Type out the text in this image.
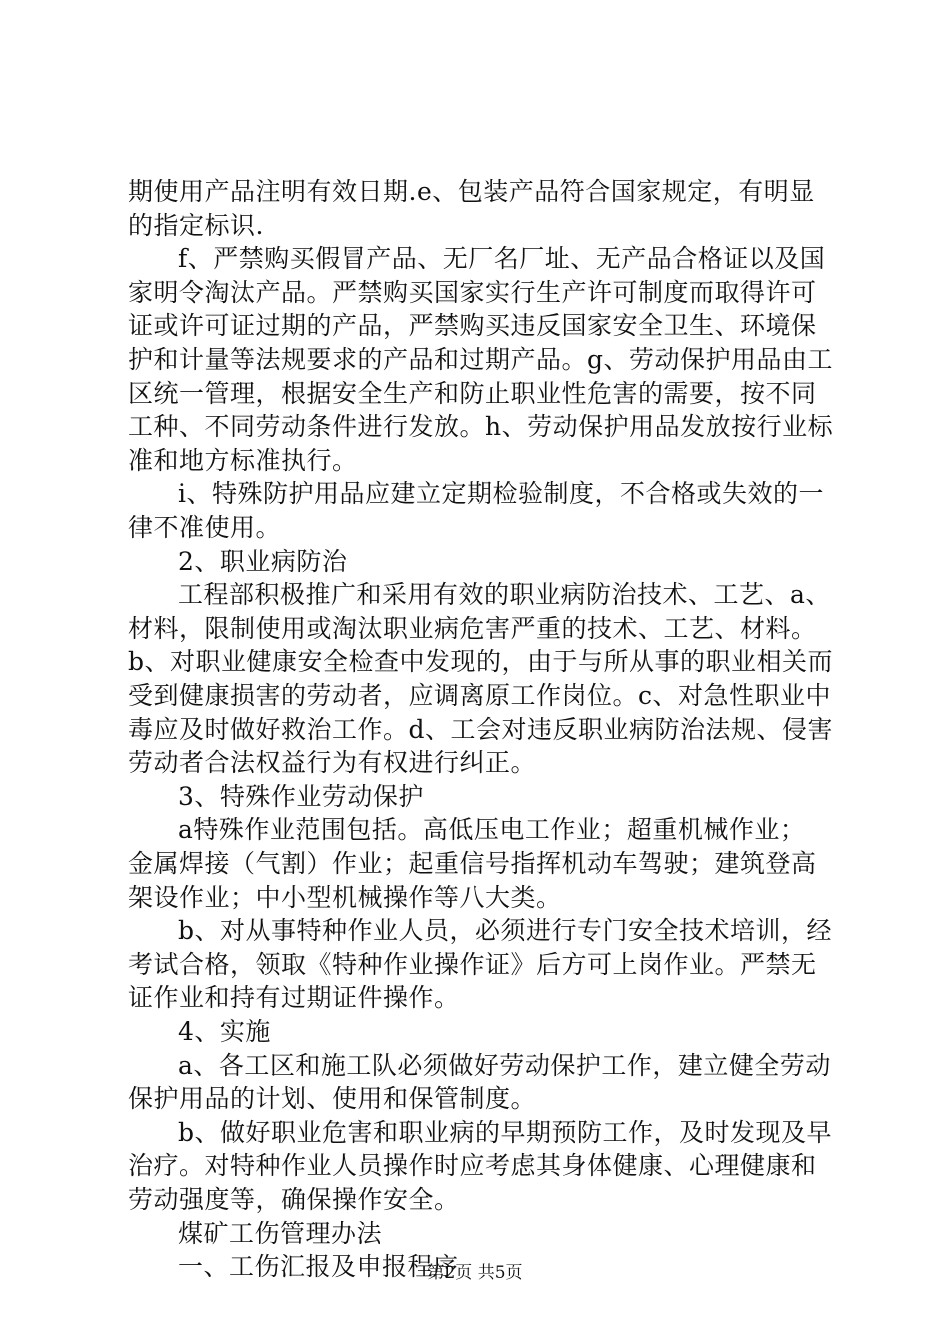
期使用产品注明有效日期.e、包装产品符合国家规定，有明显
的指定标识.
f、严禁购买假冒产品、无厂名厂址、无产品合格证以及国
家明令淘汰产品。严禁购买国家实行生产许可制度而取得许可
证或许可证过期的产品，严禁购买违反国家安全卫生、环境保
护和计量等法规要求的产品和过期产品。g、劳动保护用品由工
区统一管理，根据安全生产和防止职业性危害的需要，按不同
工种、不同劳动条件进行发放。h、劳动保护用品发放按行业标
准和地方标准执行。
i、特殊防护用品应建立定期检验制度，不合格或失效的一
律不准使用。
2、职业病防治
工程部积极推广和采用有效的职业病防治技术、工艺、a、
材料，限制使用或淘汰职业病危害严重的技术、工艺、材料。
b、对职业健康安全检查中发现的，由于与所从事的职业相关而
受到健康损害的劳动者，应调离原工作岗位。c、对急性职业中
毒应及时做好救治工作。d、工会对违反职业病防治法规、侵害
劳动者合法权益行为有权进行纠正。
3、特殊作业劳动保护
a特殊作业范围包括。高低压电工作业；超重机械作业；
金属焊接（气割）作业；起重信号指挥机动车驾驶；建筑登高
架设作业；中小型机械操作等八大类。
b、对从事特种作业人员，必须进行专门安全技术培训，经
考试合格，领取《特种作业操作证》后方可上岗作业。严禁无
证作业和持有过期证件操作。
4、实施
a、各工区和施工队必须做好劳动保护工作，建立健全劳动
保护用品的计划、使用和保管制度。
b、做好职业危害和职业病的早期预防工作，及时发现及早
治疗。对特种作业人员操作时应考虑其身体健康、心理健康和
劳动强度等，确保操作安全。
煤矿工伤管理办法
一、工伤汇报及申报程序
第2页 共5页
